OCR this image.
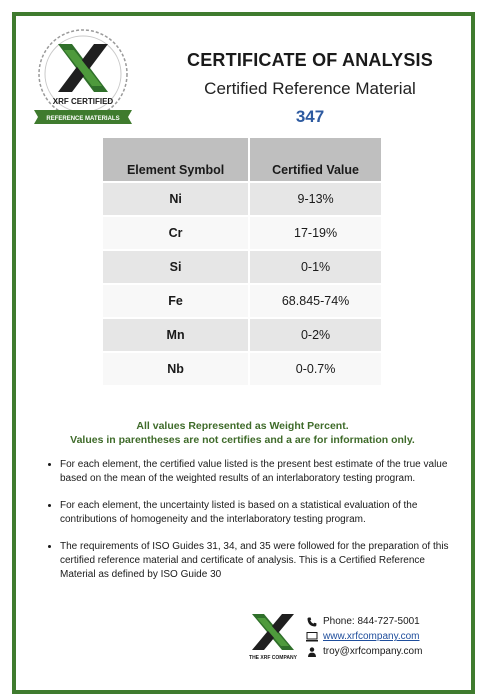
XRF CERTIFIED
REFERENCE MATERIALS
CERTIFICATE OF ANALYSIS
Certified Reference Material
347
Element Symbol	Certified Value
Ni	9-13%
Cr	17-19%
Si	0-1%
Fe	68.845-74%
Mn	0-2%
Nb	0-0.7%
All values Represented as Weight Percent.
Values in parentheses are not certifies and a are for information only.
• For each element, the certified value listed is the present best estimate of the true value based on the mean of the weighted results of an interlaboratory testing program.
• For each element, the uncertainty listed is based on a statistical evaluation of the contributions of homogeneity and the interlaboratory testing program.
• The requirements of ISO Guides 31, 34, and 35 were followed for the preparation of this certified reference material and certificate of analysis. This is a Certified Reference Material as defined by ISO Guide 30
THE XRF COMPANY
Phone: 844-727-5001
www.xrfcompany.com
troy@xrfcompany.com
